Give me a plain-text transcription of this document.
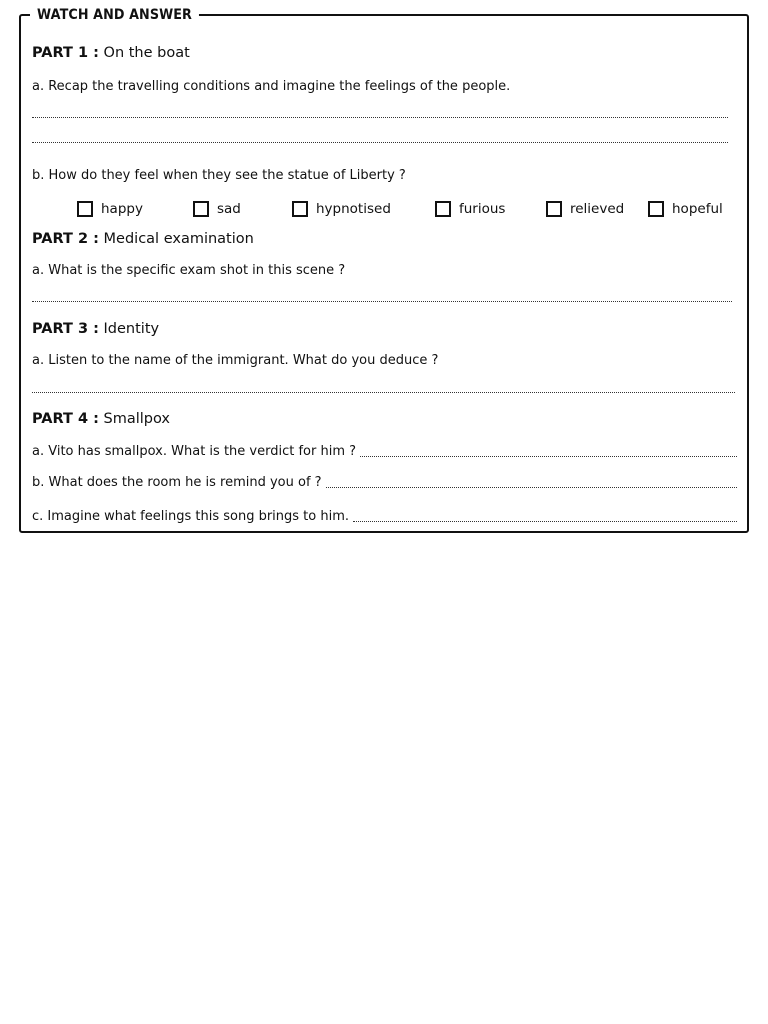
WATCH AND ANSWER
PART 1 : On the boat
a. Recap the travelling conditions and imagine the feelings of the people.
b. How do they feel when they see the statue of Liberty ?
happy	sad	hypnotised	furious	relieved	hopeful
PART 2 : Medical examination
a. What is the specific exam shot in this scene ?
PART 3 : Identity
a. Listen to the name of the immigrant. What do you deduce ?
PART 4 : Smallpox
a. Vito has smallpox. What is the verdict for him ?
b. What does the room he is remind you of ?
c. Imagine what feelings this song brings to him.
